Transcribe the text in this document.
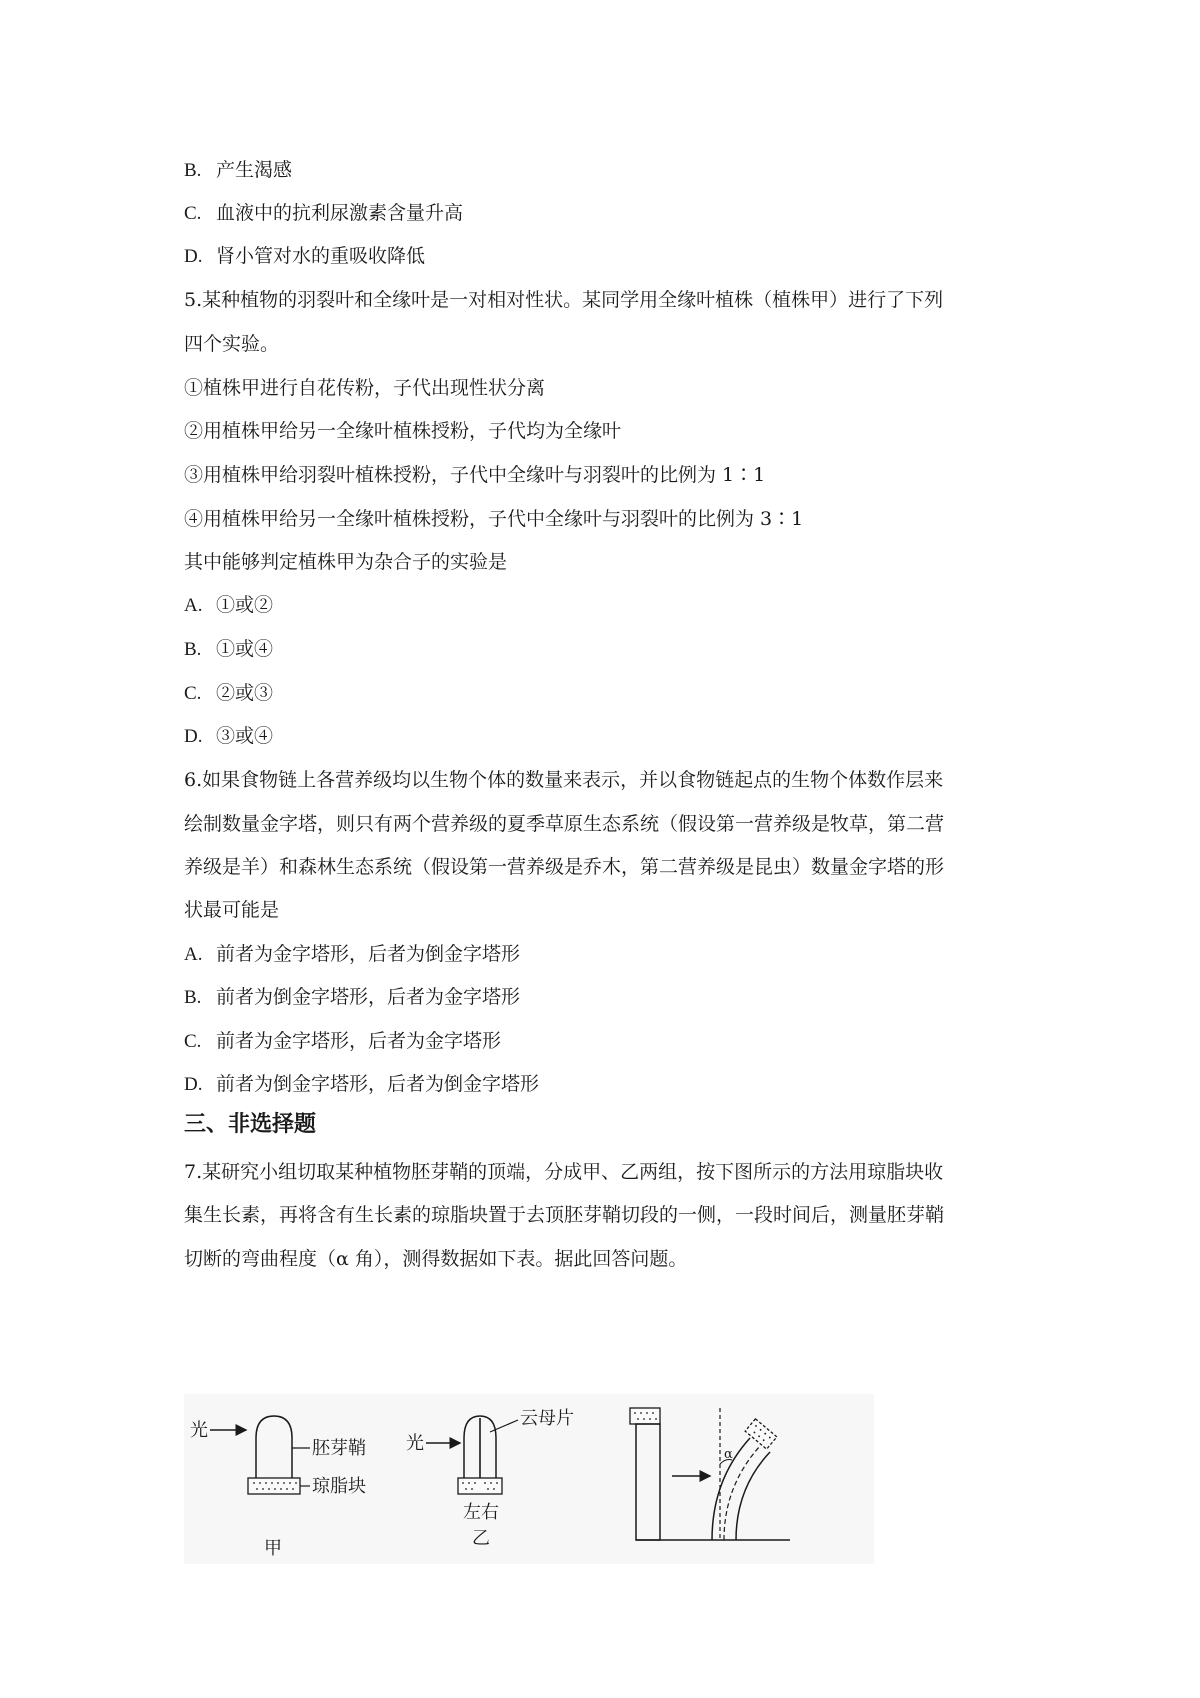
B. 产生渴感
C. 血液中的抗利尿激素含量升高
D. 肾小管对水的重吸收降低
5.某种植物的羽裂叶和全缘叶是一对相对性状。某同学用全缘叶植株（植株甲）进行了下列
四个实验。
①植株甲进行自花传粉，子代出现性状分离
②用植株甲给另一全缘叶植株授粉，子代均为全缘叶
③用植株甲给羽裂叶植株授粉，子代中全缘叶与羽裂叶的比例为 1∶1
④用植株甲给另一全缘叶植株授粉，子代中全缘叶与羽裂叶的比例为 3∶1
其中能够判定植株甲为杂合子的实验是
A. ①或②
B. ①或④
C. ②或③
D. ③或④
6.如果食物链上各营养级均以生物个体的数量来表示，并以食物链起点的生物个体数作层来
绘制数量金字塔，则只有两个营养级的夏季草原生态系统（假设第一营养级是牧草，第二营
养级是羊）和森林生态系统（假设第一营养级是乔木，第二营养级是昆虫）数量金字塔的形
状最可能是
A. 前者为金字塔形，后者为倒金字塔形
B. 前者为倒金字塔形，后者为金字塔形
C. 前者为金字塔形，后者为金字塔形
D. 前者为倒金字塔形，后者为倒金字塔形
三、非选择题
7.某研究小组切取某种植物胚芽鞘的顶端，分成甲、乙两组，按下图所示的方法用琼脂块收
集生长素，再将含有生长素的琼脂块置于去顶胚芽鞘切段的一侧，一段时间后，测量胚芽鞘
切断的弯曲程度（α 角），测得数据如下表。据此回答问题。
光
胚芽鞘
琼脂块
甲
光
云母片
左右
乙
α
